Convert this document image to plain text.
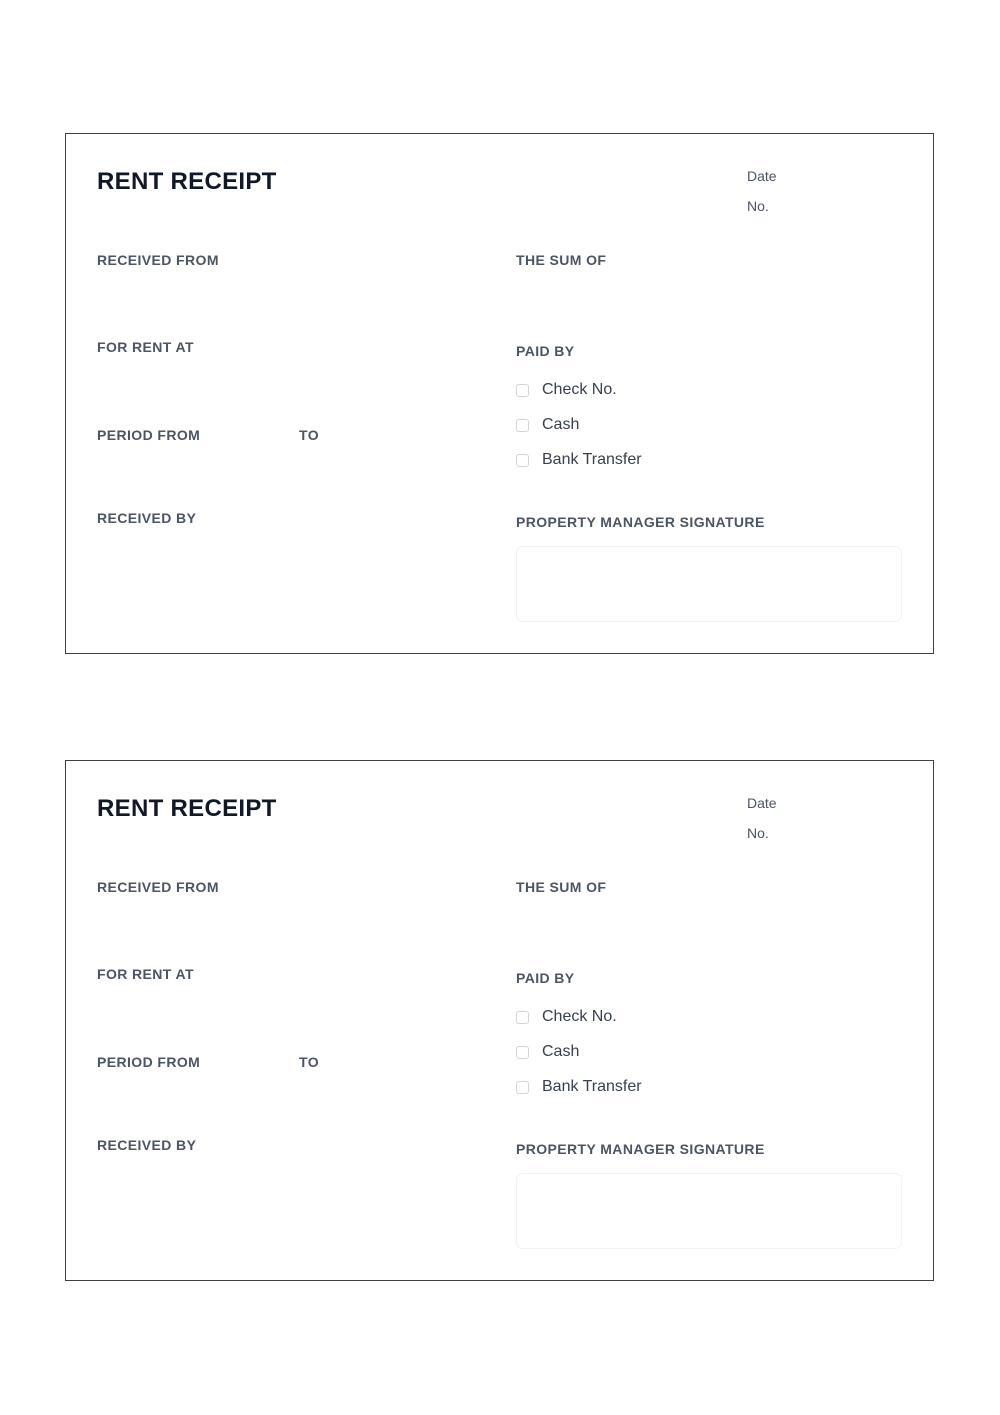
RENT RECEIPT	Date
No.
RECEIVED FROM	THE SUM OF
FOR RENT AT	PAID BY
Check No.
Cash
Bank Transfer
PERIOD FROM	TO
RECEIVED BY	PROPERTY MANAGER SIGNATURE
RENT RECEIPT	Date
No.
RECEIVED FROM	THE SUM OF
FOR RENT AT	PAID BY
Check No.
Cash
Bank Transfer
PERIOD FROM	TO
RECEIVED BY	PROPERTY MANAGER SIGNATURE
